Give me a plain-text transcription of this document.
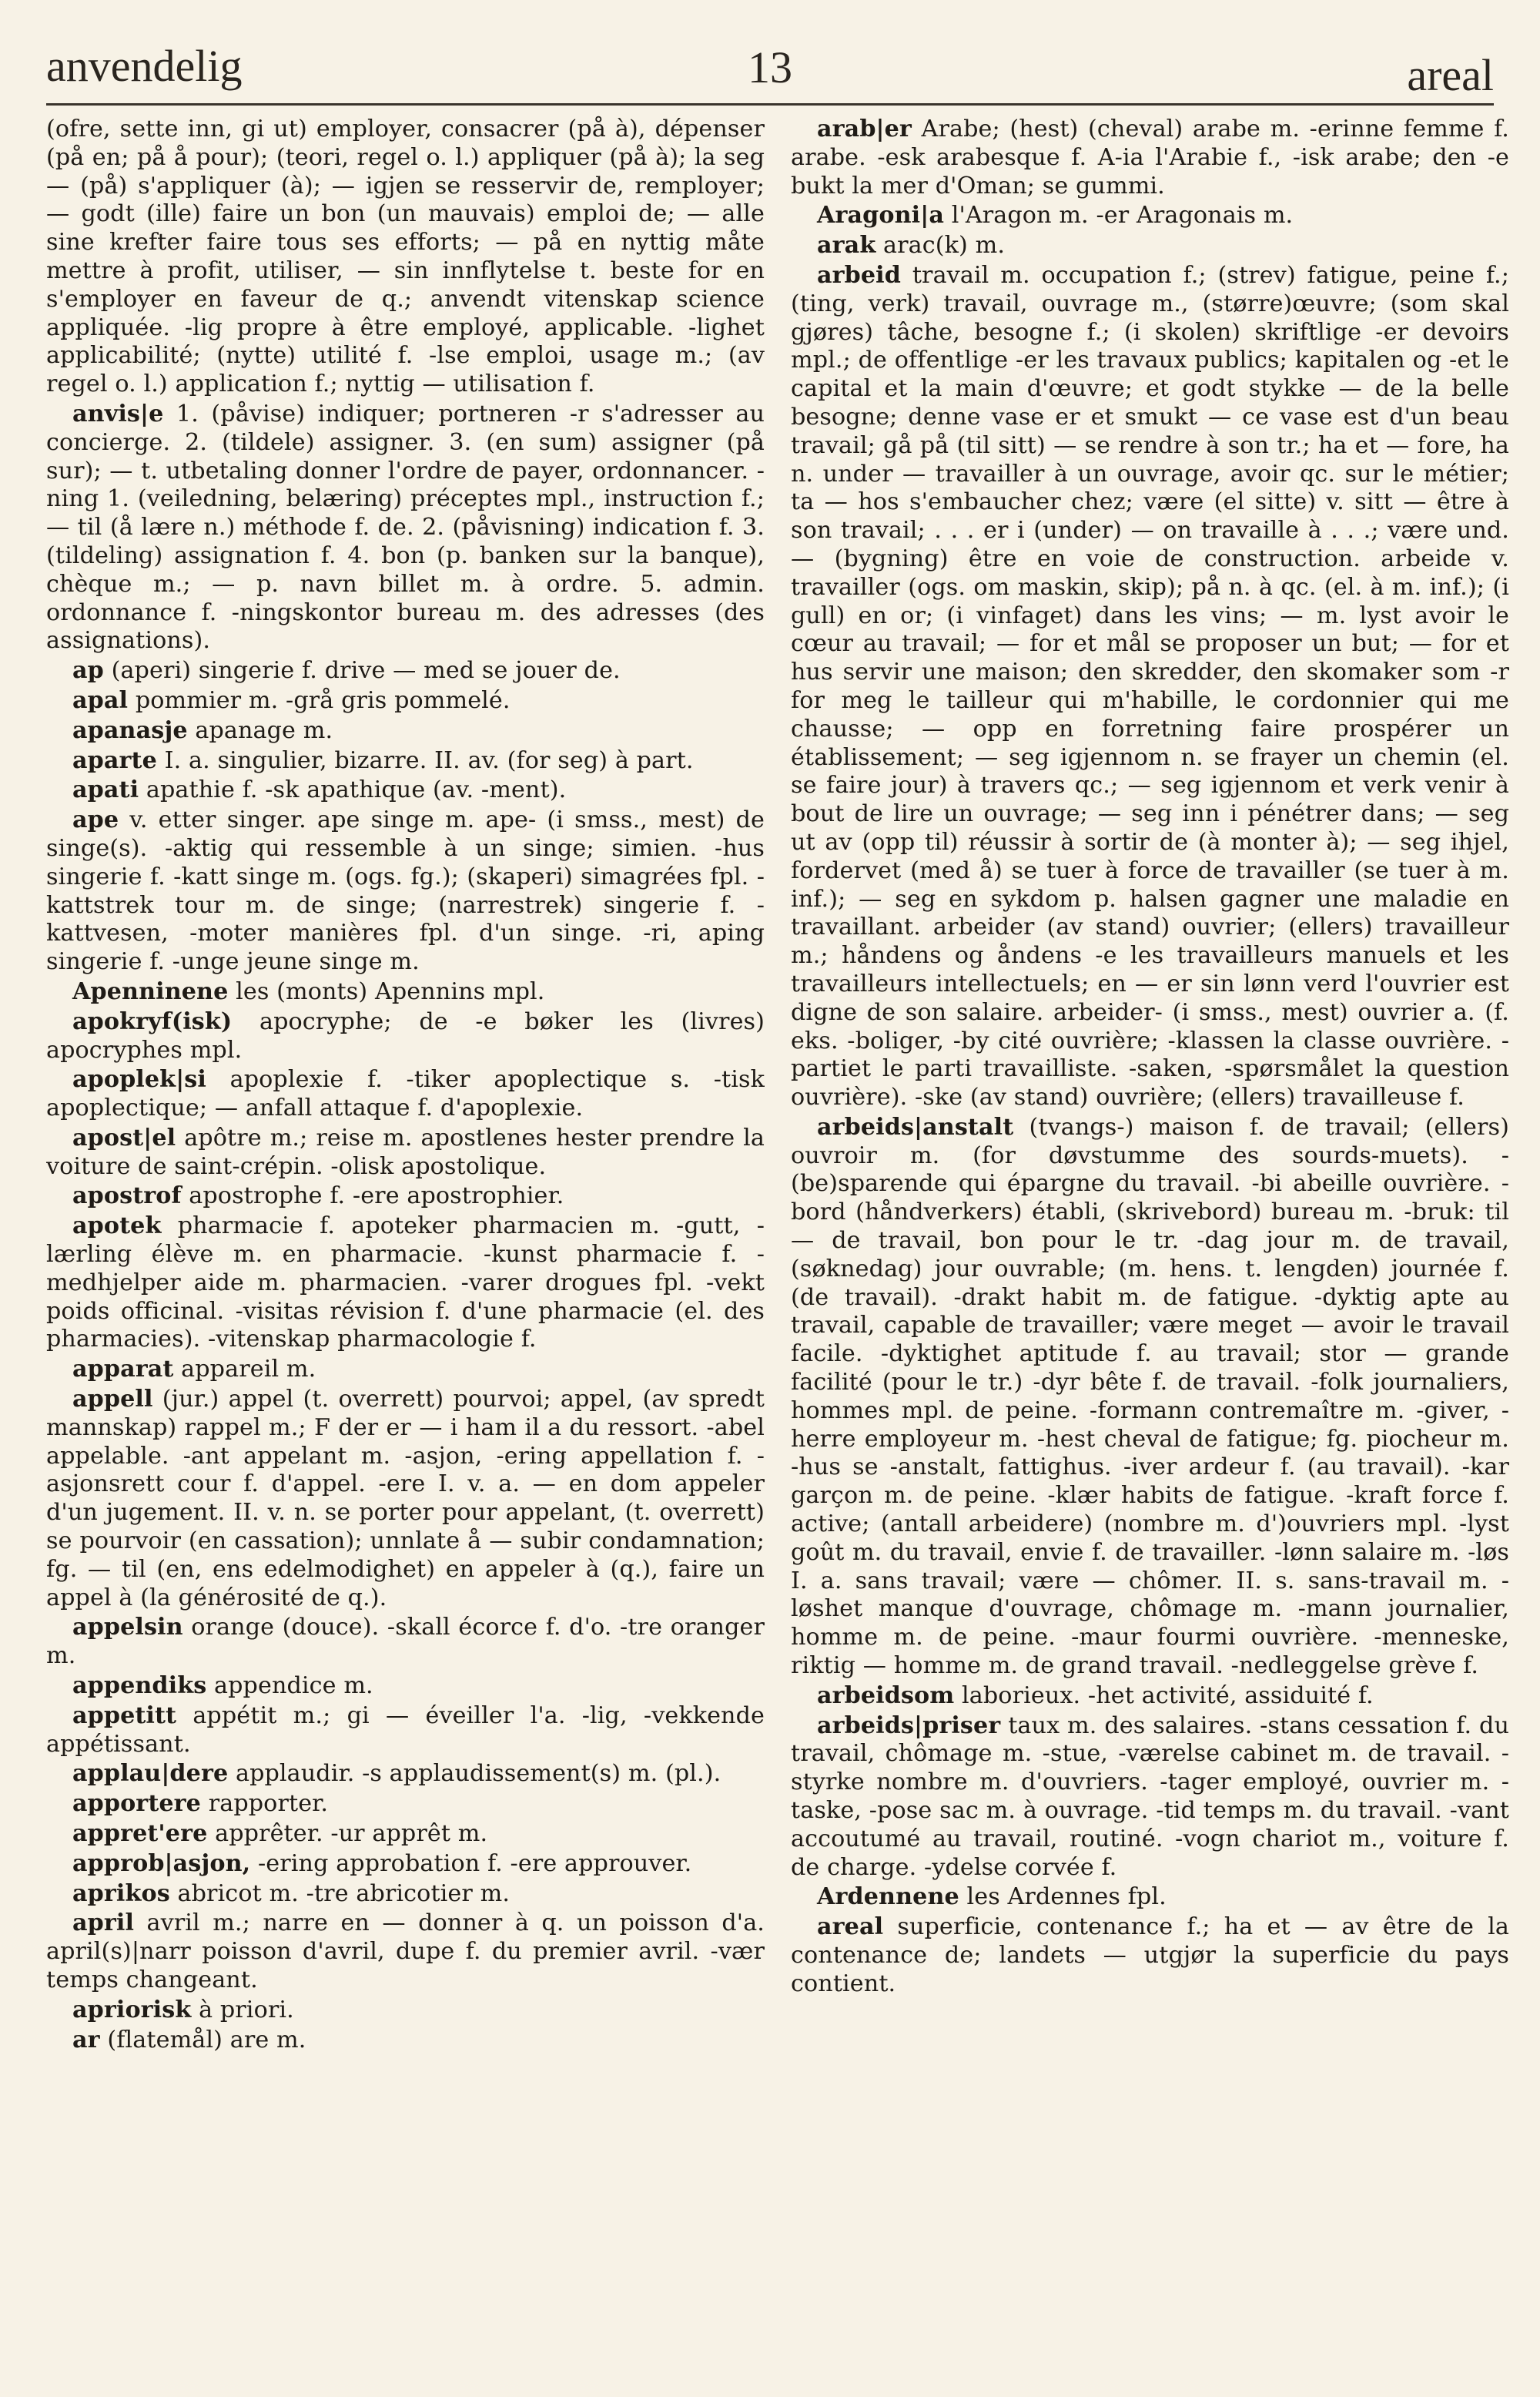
anvendelig	13	areal

(ofre, sette inn, gi ut) employer, consacrer (på à), dépenser (på en; på å pour); (teori, regel o. l.) appliquer (på à); la seg — (på) s'appliquer (à); — igjen se resservir de, remployer; — godt (ille) faire un bon (un mauvais) emploi de; — alle sine krefter faire tous ses efforts; — på en nyttig måte mettre à profit, utiliser, — sin innflytelse t. beste for en s'employer en faveur de q.; anvendt vitenskap science appliquée. -lig propre à être employé, applicable. -lighet applicabilité; (nytte) utilité f. -lse emploi, usage m.; (av regel o. l.) application f.; nyttig — utilisation f.

anvis|e 1. (påvise) indiquer; portneren -r s'adresser au concierge. 2. (tildele) assigner. 3. (en sum) assigner (på sur); — t. utbetaling donner l'ordre de payer, ordonnancer. -ning 1. (veiledning, belæring) préceptes mpl., instruction f.; — til (å lære n.) méthode f. de. 2. (påvisning) indication f. 3. (tildeling) assignation f. 4. bon (p. banken sur la banque), chèque m.; — p. navn billet m. à ordre. 5. admin. ordonnance f. -ningskontor bureau m. des adresses (des assignations).

ap (aperi) singerie f. drive — med se jouer de.

apal pommier m. -grå gris pommelé.

apanasje apanage m.

aparte I. a. singulier, bizarre. II. av. (for seg) à part.

apati apathie f. -sk apathique (av. -ment).

ape v. etter singer. ape singe m. ape- (i smss., mest) de singe(s). -aktig qui ressemble à un singe; simien. -hus singerie f. -katt singe m. (ogs. fg.); (skaperi) simagrées fpl. -kattstrek tour m. de singe; (narrestrek) singerie f. -kattvesen, -moter manières fpl. d'un singe. -ri, aping singerie f. -unge jeune singe m.

Apenninene les (monts) Apennins mpl.

apokryf(isk) apocryphe; de -e bøker les (livres) apocryphes mpl.

apoplek|si apoplexie f. -tiker apoplectique s. -tisk apoplectique; — anfall attaque f. d'apoplexie.

apost|el apôtre m.; reise m. apostlenes hester prendre la voiture de saint-crépin. -olisk apostolique.

apostrof apostrophe f. -ere apostrophier.

apotek pharmacie f. apoteker pharmacien m. -gutt, -lærling élève m. en pharmacie. -kunst pharmacie f. -medhjelper aide m. pharmacien. -varer drogues fpl. -vekt poids officinal. -visitas révision f. d'une pharmacie (el. des pharmacies). -vitenskap pharmacologie f.

apparat appareil m.

appell (jur.) appel (t. overrett) pourvoi; appel, (av spredt mannskap) rappel m.; F der er — i ham il a du ressort. -abel appelable. -ant appelant m. -asjon, -ering appellation f. -asjonsrett cour f. d'appel. -ere I. v. a. — en dom appeler d'un jugement. II. v. n. se porter pour appelant, (t. overrett) se pourvoir (en cassation); unnlate å — subir condamnation; fg. — til (en, ens edelmodighet) en appeler à (q.), faire un appel à (la générosité de q.).

appelsin orange (douce). -skall écorce f. d'o. -tre oranger m.

appendiks appendice m.

appetitt appétit m.; gi — éveiller l'a. -lig, -vekkende appétissant.

applau|dere applaudir. -s applaudissement(s) m. (pl.).

apportere rapporter.

appret'ere apprêter. -ur apprêt m.

approb|asjon, -ering approbation f. -ere approuver.

aprikos abricot m. -tre abricotier m.

april avril m.; narre en — donner à q. un poisson d'a. april(s)|narr poisson d'avril, dupe f. du premier avril. -vær temps changeant.

apriorisk à priori.

ar (flatemål) are m.

arab|er Arabe; (hest) (cheval) arabe m. -erinne femme f. arabe. -esk arabesque f. A-ia l'Arabie f., -isk arabe; den -e bukt la mer d'Oman; se gummi.

Aragoni|a l'Aragon m. -er Aragonais m.

arak arac(k) m.

arbeid travail m. occupation f.; (strev) fatigue, peine f.; (ting, verk) travail, ouvrage m., (større)œuvre; (som skal gjøres) tâche, besogne f.; (i skolen) skriftlige -er devoirs mpl.; de offentlige -er les travaux publics; kapitalen og -et le capital et la main d'œuvre; et godt stykke — de la belle besogne; denne vase er et smukt — ce vase est d'un beau travail; gå på (til sitt) — se rendre à son tr.; ha et — fore, ha n. under — travailler à un ouvrage, avoir qc. sur le métier; ta — hos s'embaucher chez; være (el sitte) v. sitt — être à son travail; . . . er i (under) — on travaille à . . .; være und. — (bygning) être en voie de construction. arbeide v. travailler (ogs. om maskin, skip); på n. à qc. (el. à m. inf.); (i gull) en or; (i vinfaget) dans les vins; — m. lyst avoir le cœur au travail; — for et mål se proposer un but; — for et hus servir une maison; den skredder, den skomaker som -r for meg le tailleur qui m'habille, le cordonnier qui me chausse; — opp en forretning faire prospérer un établissement; — seg igjennom n. se frayer un chemin (el. se faire jour) à travers qc.; — seg igjennom et verk venir à bout de lire un ouvrage; — seg inn i pénétrer dans; — seg ut av (opp til) réussir à sortir de (à monter à); — seg ihjel, fordervet (med å) se tuer à force de travailler (se tuer à m. inf.); — seg en sykdom p. halsen gagner une maladie en travaillant. arbeider (av stand) ouvrier; (ellers) travailleur m.; håndens og åndens -e les travailleurs manuels et les travailleurs intellectuels; en — er sin lønn verd l'ouvrier est digne de son salaire. arbeider- (i smss., mest) ouvrier a. (f. eks. -boliger, -by cité ouvrière; -klassen la classe ouvrière. -partiet le parti travailliste. -saken, -spørsmålet la question ouvrière). -ske (av stand) ouvrière; (ellers) travailleuse f.

arbeids|anstalt (tvangs-) maison f. de travail; (ellers) ouvroir m. (for døvstumme des sourds-muets). -(be)sparende qui épargne du travail. -bi abeille ouvrière. -bord (håndverkers) établi, (skrivebord) bureau m. -bruk: til — de travail, bon pour le tr. -dag jour m. de travail, (søknedag) jour ouvrable; (m. hens. t. lengden) journée f. (de travail). -drakt habit m. de fatigue. -dyktig apte au travail, capable de travailler; være meget — avoir le travail facile. -dyktighet aptitude f. au travail; stor — grande facilité (pour le tr.) -dyr bête f. de travail. -folk journaliers, hommes mpl. de peine. -formann contremaître m. -giver, -herre employeur m. -hest cheval de fatigue; fg. piocheur m. -hus se -anstalt, fattighus. -iver ardeur f. (au travail). -kar garçon m. de peine. -klær habits de fatigue. -kraft force f. active; (antall arbeidere) (nombre m. d')ouvriers mpl. -lyst goût m. du travail, envie f. de travailler. -lønn salaire m. -løs I. a. sans travail; være — chômer. II. s. sans-travail m. -løshet manque d'ouvrage, chômage m. -mann journalier, homme m. de peine. -maur fourmi ouvrière. -menneske, riktig — homme m. de grand travail. -nedleggelse grève f.

arbeidsom laborieux. -het activité, assiduité f.

arbeids|priser taux m. des salaires. -stans cessation f. du travail, chômage m. -stue, -værelse cabinet m. de travail. -styrke nombre m. d'ouvriers. -tager employé, ouvrier m. -taske, -pose sac m. à ouvrage. -tid temps m. du travail. -vant accoutumé au travail, routiné. -vogn chariot m., voiture f. de charge. -ydelse corvée f.

Ardennene les Ardennes fpl.

areal superficie, contenance f.; ha et — av être de la contenance de; landets — utgjør la superficie du pays contient.
